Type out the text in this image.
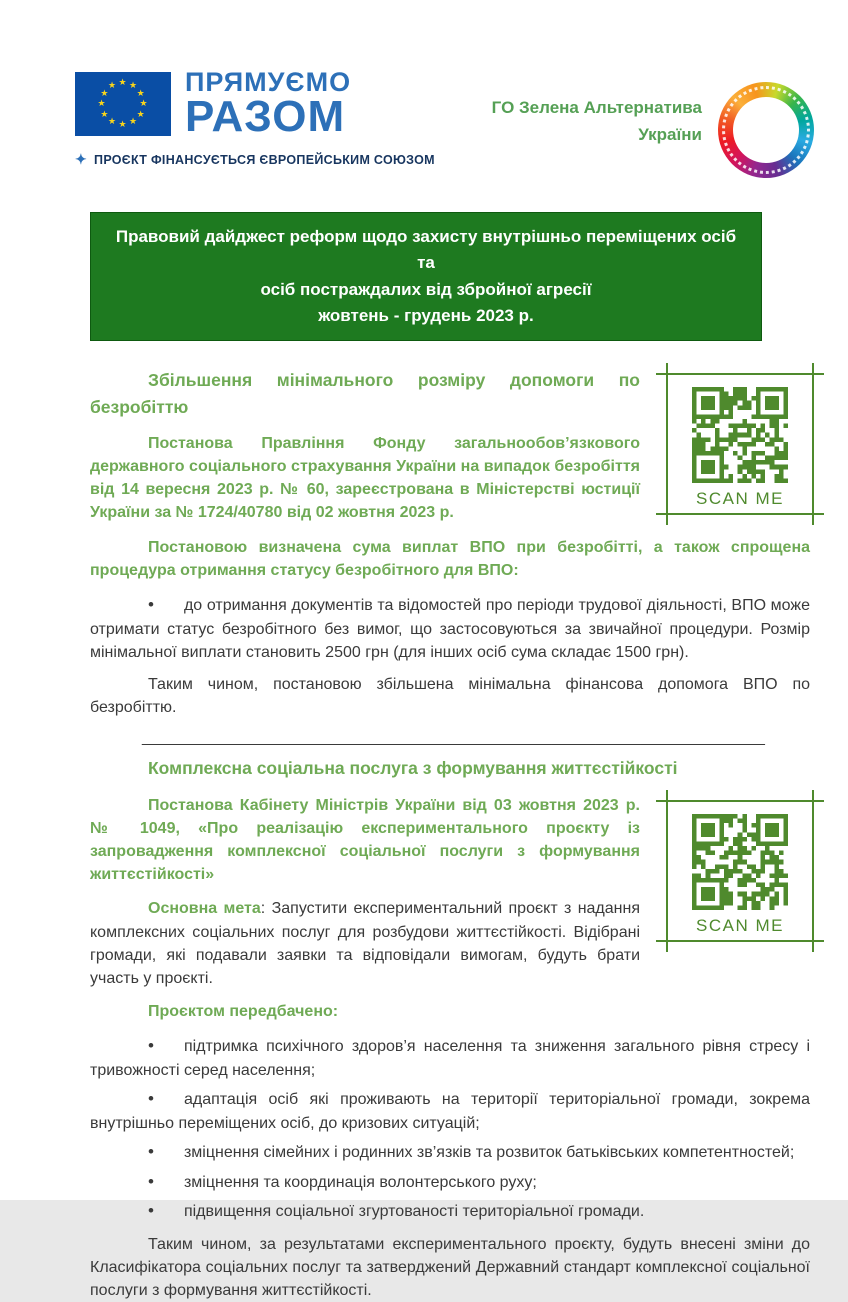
★ ★
★
★
★
★
★
★
★
★
★
★	ПРЯМУЄМО
РАЗОМ
✦ ПРОЄКТ ФІНАНСУЄТЬСЯ ЄВРОПЕЙСЬКИМ СОЮЗОМ
ГО Зелена Альтернатива
України
Правовий дайджест реформ щодо захисту внутрішньо переміщених осіб та
осіб постраждалих від збройної агресії
жовтень - грудень 2023 р.
SCAN ME
Збільшення мінімального розміру допомоги по безробіттю

Постанова Правління Фонду загальнообов’язкового державного соціального страхування України на випадок безробіття від 14 вересня 2023 р. № 60, зареєстрована в Міністерстві юстиції України за № 1724/40780 від 02 жовтня 2023 р.

Постановою визначена сума виплат ВПО при безробітті, а також спрощена процедура отримання статусу безробітного для ВПО:

• до отримання документів та відомостей про періоди трудової діяльності, ВПО може отримати статус безробітного без вимог, що застосовуються за звичайної процедури. Розмір мінімальної виплати становить 2500 грн (для інших осіб сума складає 1500 грн).

Таким чином, постановою збільшена мінімальна фінансова допомога ВПО по безробіттю.

______________________________________________________________________
Комплексна соціальна послуга з формування життєстійкості
SCAN ME

Постанова Кабінету Міністрів України від 03 жовтня 2023 р. № 1049, «Про реалізацію експериментального проєкту із запровадження комплексної соціальної послуги з формування життєстійкості»

Основна мета: Запустити експериментальний проєкт з надання комплексних соціальних послуг для розбудови життєстійкості. Відібрані громади, які подавали заявки та відповідали вимогам, будуть брати участь у проєкті.

Проєктом передбачено:

• підтримка психічного здоров’я населення та зниження загального рівня стресу і тривожності серед населення;
• адаптація осіб які проживають на території територіальної громади, зокрема внутрішньо переміщених осіб, до кризових ситуацій;
• зміцнення сімейних і родинних зв’язків та розвиток батьківських компетентностей;
• зміцнення та координація волонтерського руху;
• підвищення соціальної згуртованості територіальної громади.

Таким чином, за результатами експериментального проєкту, будуть внесені зміни до Класифікатора соціальних послуг та затверджений Державний стандарт комплексної соціальної послуги з формування життєстійкості.
